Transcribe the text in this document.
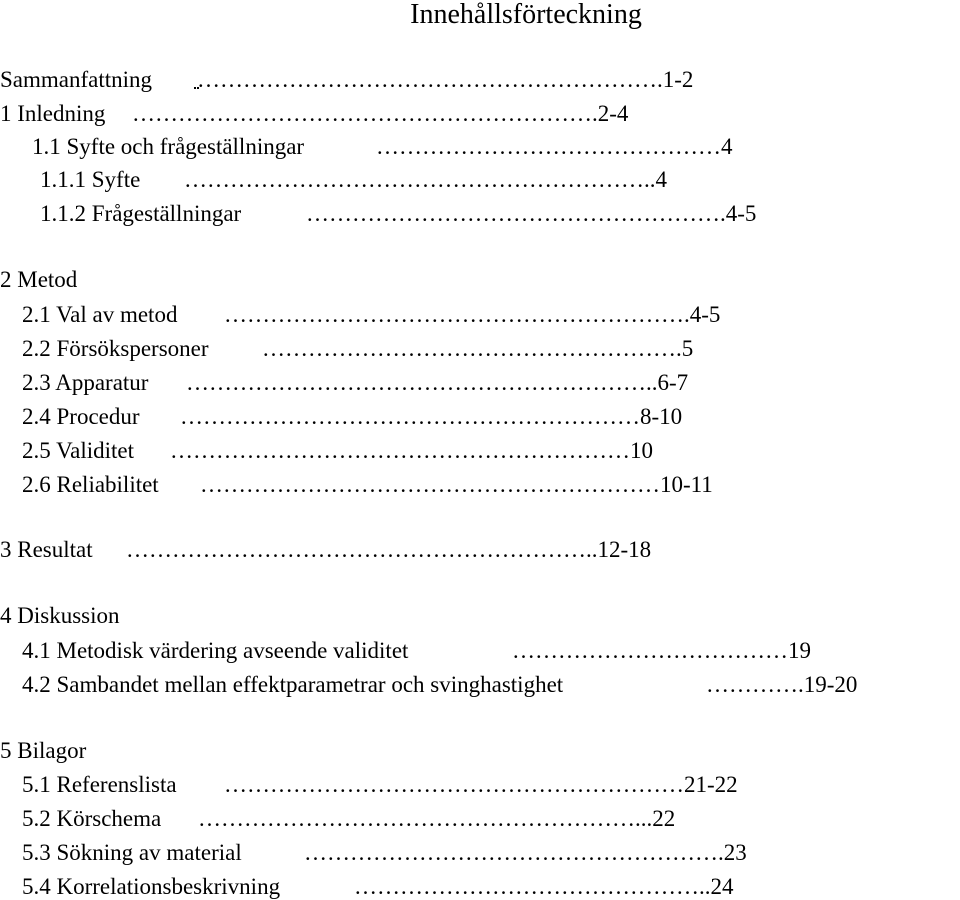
Innehållsförteckning
Sammanfattning …………………………………………………….1-2
1 Inledning …………………………………………………….2-4
1.1 Syfte och frågeställningar	………………………………………4
1.1.1 Syfte ……………………………………………………..4
1.1.2 Frågeställningar	……………………………………………….4-5
2 Metod
2.1 Val av metod …………………………………………………….4-5
2.2 Försökspersoner ……………………………………………….5
2.3 Apparatur ……………………………………………………..6-7
2.4 Procedur ……………………………………………………8-10
2.5 Validitet ……………………………………………………10
2.6 Reliabilitet ……………………………………………………10-11
3 Resultat ……………………………………………………..12-18
4 Diskussion
4.1 Metodisk värdering avseende validitet	………………………………19
4.2 Sambandet mellan effektparametrar och svinghastighet	………….19-20
5 Bilagor
5.1 Referenslista ……………………………………………………21-22
5.2 Körschema …………………………………………………...22
5.3 Sökning av material	……………………………………………….23
5.4 Korrelationsbeskrivning	………………………………………..24
